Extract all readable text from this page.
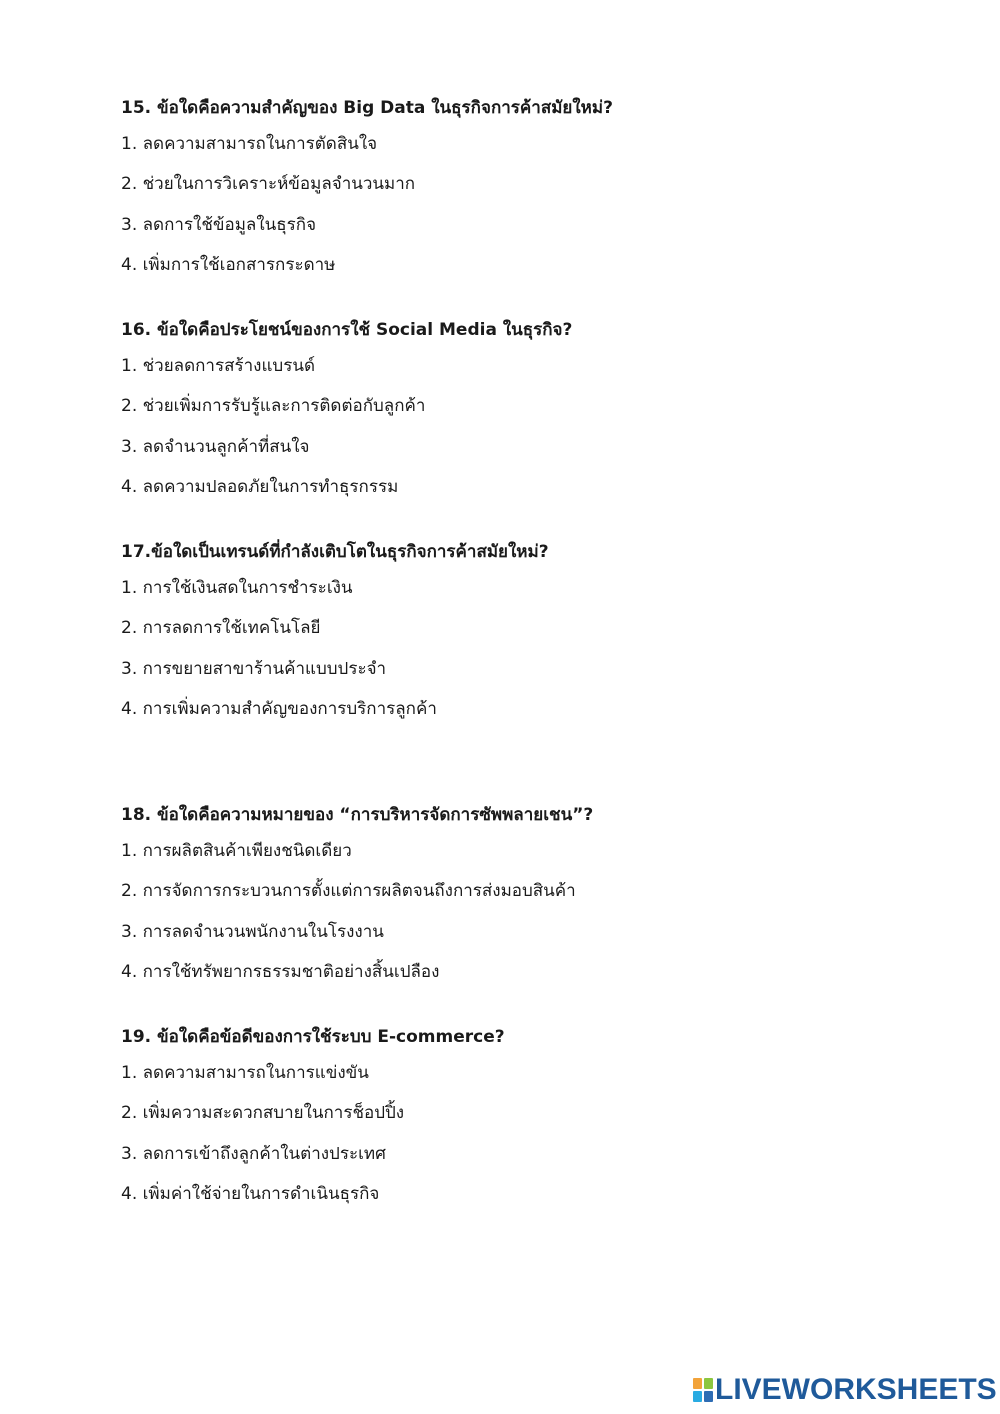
15. ข้อใดคือความสำคัญของ Big Data ในธุรกิจการค้าสมัยใหม่?

1. ลดความสามารถในการตัดสินใจ
2. ช่วยในการวิเคราะห์ข้อมูลจำนวนมาก
3. ลดการใช้ข้อมูลในธุรกิจ
4. เพิ่มการใช้เอกสารกระดาษ

16. ข้อใดคือประโยชน์ของการใช้ Social Media ในธุรกิจ?

1. ช่วยลดการสร้างแบรนด์
2. ช่วยเพิ่มการรับรู้และการติดต่อกับลูกค้า
3. ลดจำนวนลูกค้าที่สนใจ
4. ลดความปลอดภัยในการทำธุรกรรม

17.ข้อใดเป็นเทรนด์ที่กำลังเติบโตในธุรกิจการค้าสมัยใหม่?

1. การใช้เงินสดในการชำระเงิน
2. การลดการใช้เทคโนโลยี
3. การขยายสาขาร้านค้าแบบประจำ
4. การเพิ่มความสำคัญของการบริการลูกค้า

18. ข้อใดคือความหมายของ “การบริหารจัดการซัพพลายเชน”?

1. การผลิตสินค้าเพียงชนิดเดียว
2. การจัดการกระบวนการตั้งแต่การผลิตจนถึงการส่งมอบสินค้า
3. การลดจำนวนพนักงานในโรงงาน
4. การใช้ทรัพยากรธรรมชาติอย่างสิ้นเปลือง

19. ข้อใดคือข้อดีของการใช้ระบบ E-commerce?

1. ลดความสามารถในการแข่งขัน
2. เพิ่มความสะดวกสบายในการช็อปปิ้ง
3. ลดการเข้าถึงลูกค้าในต่างประเทศ
4. เพิ่มค่าใช้จ่ายในการดำเนินธุรกิจ
LIVEWORKSHEETS
